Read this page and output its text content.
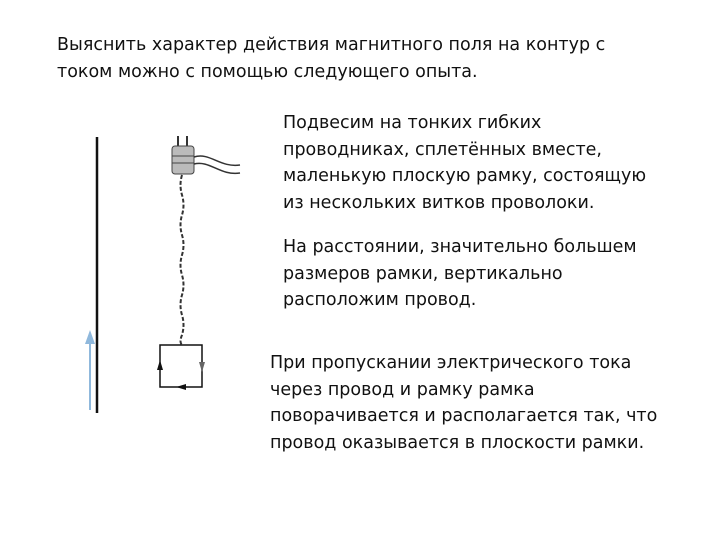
Выяснить характер действия магнитного поля на контур с
током можно с помощью следующего опыта.
Подвесим на тонких гибких
проводниках, сплетённых вместе,
маленькую плоскую рамку, состоящую
из нескольких витков проволоки.
На расстоянии, значительно большем
размеров рамки, вертикально
расположим провод.
При пропускании электрического тока
через провод и рамку рамка
поворачивается и располагается так, что
провод оказывается в плоскости рамки.
